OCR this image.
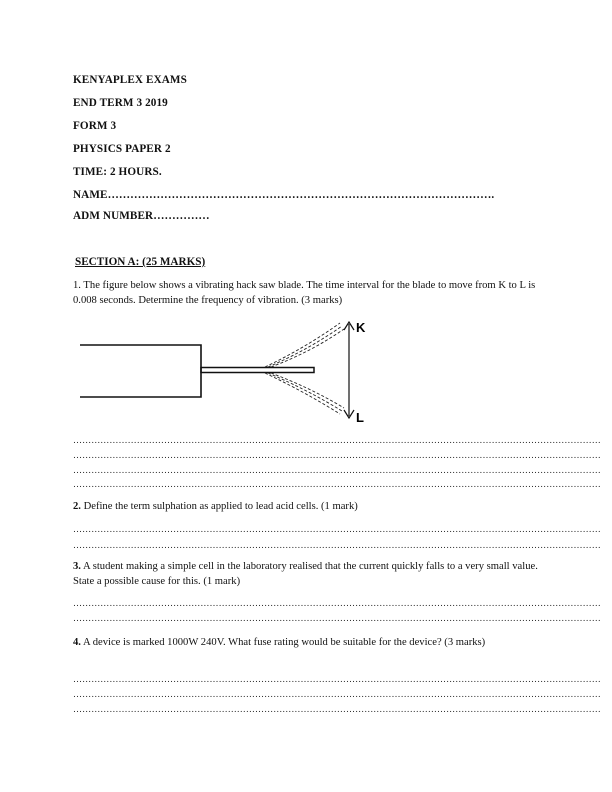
KENYAPLEX EXAMS
END TERM 3 2019
FORM 3
PHYSICS PAPER 2
TIME: 2 HOURS.
NAME………………………………………………………………………………………….
ADM NUMBER……………
SECTION A: (25 MARKS)
1. The figure below shows a vibrating hack saw blade. The time interval for the blade to move from K to L is 0.008 seconds. Determine the frequency of vibration. (3 marks)
K
L
…………………………………………………………………………………………………………………………………………………………
…………………………………………………………………………………………………………………………………………………………
…………………………………………………………………………………………………………………………………………………………
…………………………………………………………………………………………………………………………………………………………
2. Define the term sulphation as applied to lead acid cells. (1 mark)
…………………………………………………………………………………………………………………………………………………………
…………………………………………………………………………………………………………………………………………………………
3. A student making a simple cell in the laboratory realised that the current quickly falls to a very small value. State a possible cause for this. (1 mark)
…………………………………………………………………………………………………………………………………………………………
…………………………………………………………………………………………………………………………………………………………
4. A device is marked 1000W 240V. What fuse rating would be suitable for the device? (3 marks)
…………………………………………………………………………………………………………………………………………………………
…………………………………………………………………………………………………………………………………………………………
…………………………………………………………………………………………………………………………………………………………
